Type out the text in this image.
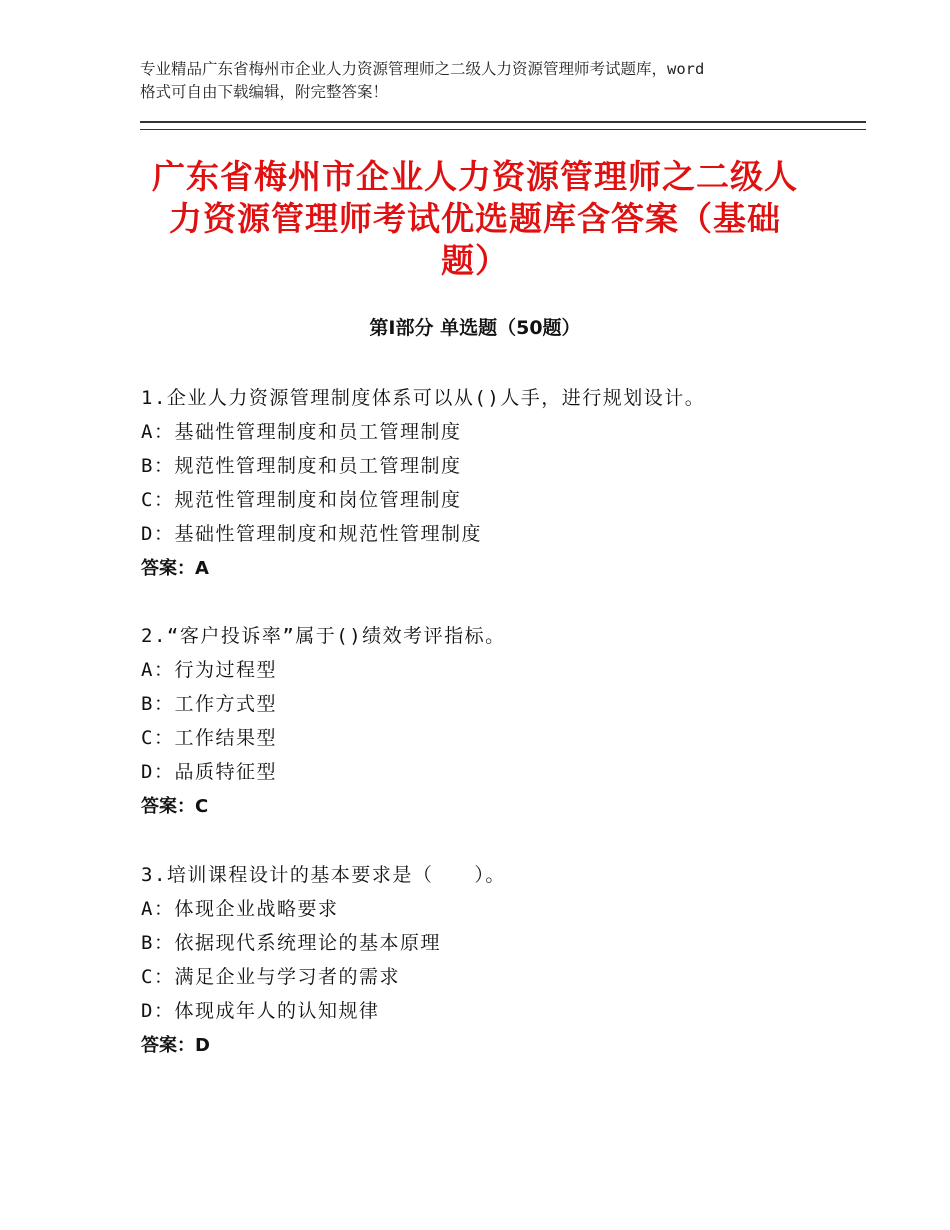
专业精品广东省梅州市企业人力资源管理师之二级人力资源管理师考试题库，word
格式可自由下载编辑，附完整答案！
广东省梅州市企业人力资源管理师之二级人
力资源管理师考试优选题库含答案（基础
题）
第Ⅰ部分 单选题（50题）
1.企业人力资源管理制度体系可以从()人手，进行规划设计。
A：基础性管理制度和员工管理制度
B：规范性管理制度和员工管理制度
C：规范性管理制度和岗位管理制度
D：基础性管理制度和规范性管理制度
答案：A
2.“客户投诉率”属于()绩效考评指标。
A：行为过程型
B：工作方式型
C：工作结果型
D：品质特征型
答案：C
3.培训课程设计的基本要求是（　　）。
A：体现企业战略要求
B：依据现代系统理论的基本原理
C：满足企业与学习者的需求
D：体现成年人的认知规律
答案：D
